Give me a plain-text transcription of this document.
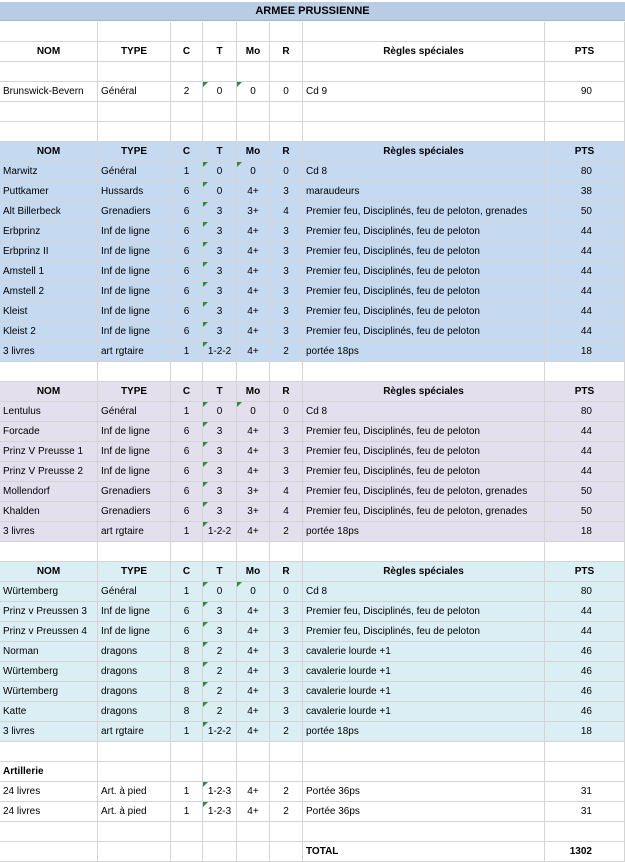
ARMEE PRUSSIENNE
NOM	TYPE	C	T	Mo	R	Règles spéciales	PTS
Brunswick-Bevern	Général	2	0	0	0	Cd 9	90
NOM	TYPE	C	T	Mo	R	Règles spéciales	PTS
Marwitz	Général	1	0	0	0	Cd 8	80
Puttkamer	Hussards	6	0	4+	3	maraudeurs	38
Alt Billerbeck	Grenadiers	6	3	3+	4	Premier feu, Disciplinés, feu de peloton, grenades	50
Erbprinz	Inf de ligne	6	3	4+	3	Premier feu, Disciplinés, feu de peloton	44
Erbprinz II	Inf de ligne	6	3	4+	3	Premier feu, Disciplinés, feu de peloton	44
Amstell 1	Inf de ligne	6	3	4+	3	Premier feu, Disciplinés, feu de peloton	44
Amstell 2	Inf de ligne	6	3	4+	3	Premier feu, Disciplinés, feu de peloton	44
Kleist	Inf de ligne	6	3	4+	3	Premier feu, Disciplinés, feu de peloton	44
Kleist 2	Inf de ligne	6	3	4+	3	Premier feu, Disciplinés, feu de peloton	44
3 livres	art rgtaire	1	1-2-2	4+	2	portée 18ps	18
NOM	TYPE	C	T	Mo	R	Règles spéciales	PTS
Lentulus	Général	1	0	0	0	Cd 8	80
Forcade	Inf de ligne	6	3	4+	3	Premier feu, Disciplinés, feu de peloton	44
Prinz V Preusse 1	Inf de ligne	6	3	4+	3	Premier feu, Disciplinés, feu de peloton	44
Prinz V Preusse 2	Inf de ligne	6	3	4+	3	Premier feu, Disciplinés, feu de peloton	44
Mollendorf	Grenadiers	6	3	3+	4	Premier feu, Disciplinés, feu de peloton, grenades	50
Khalden	Grenadiers	6	3	3+	4	Premier feu, Disciplinés, feu de peloton, grenades	50
3 livres	art rgtaire	1	1-2-2	4+	2	portée 18ps	18
NOM	TYPE	C	T	Mo	R	Règles spéciales	PTS
Würtemberg	Général	1	0	0	0	Cd 8	80
Prinz v Preussen 3	Inf de ligne	6	3	4+	3	Premier feu, Disciplinés, feu de peloton	44
Prinz v Preussen 4	Inf de ligne	6	3	4+	3	Premier feu, Disciplinés, feu de peloton	44
Norman	dragons	8	2	4+	3	cavalerie lourde +1	46
Würtemberg	dragons	8	2	4+	3	cavalerie lourde +1	46
Würtemberg	dragons	8	2	4+	3	cavalerie lourde +1	46
Katte	dragons	8	2	4+	3	cavalerie lourde +1	46
3 livres	art rgtaire	1	1-2-2	4+	2	portée 18ps	18
Artillerie
24 livres	Art. à pied	1	1-2-3	4+	2	Portée 36ps	31
24 livres	Art. à pied	1	1-2-3	4+	2	Portée 36ps	31
TOTAL	1302
